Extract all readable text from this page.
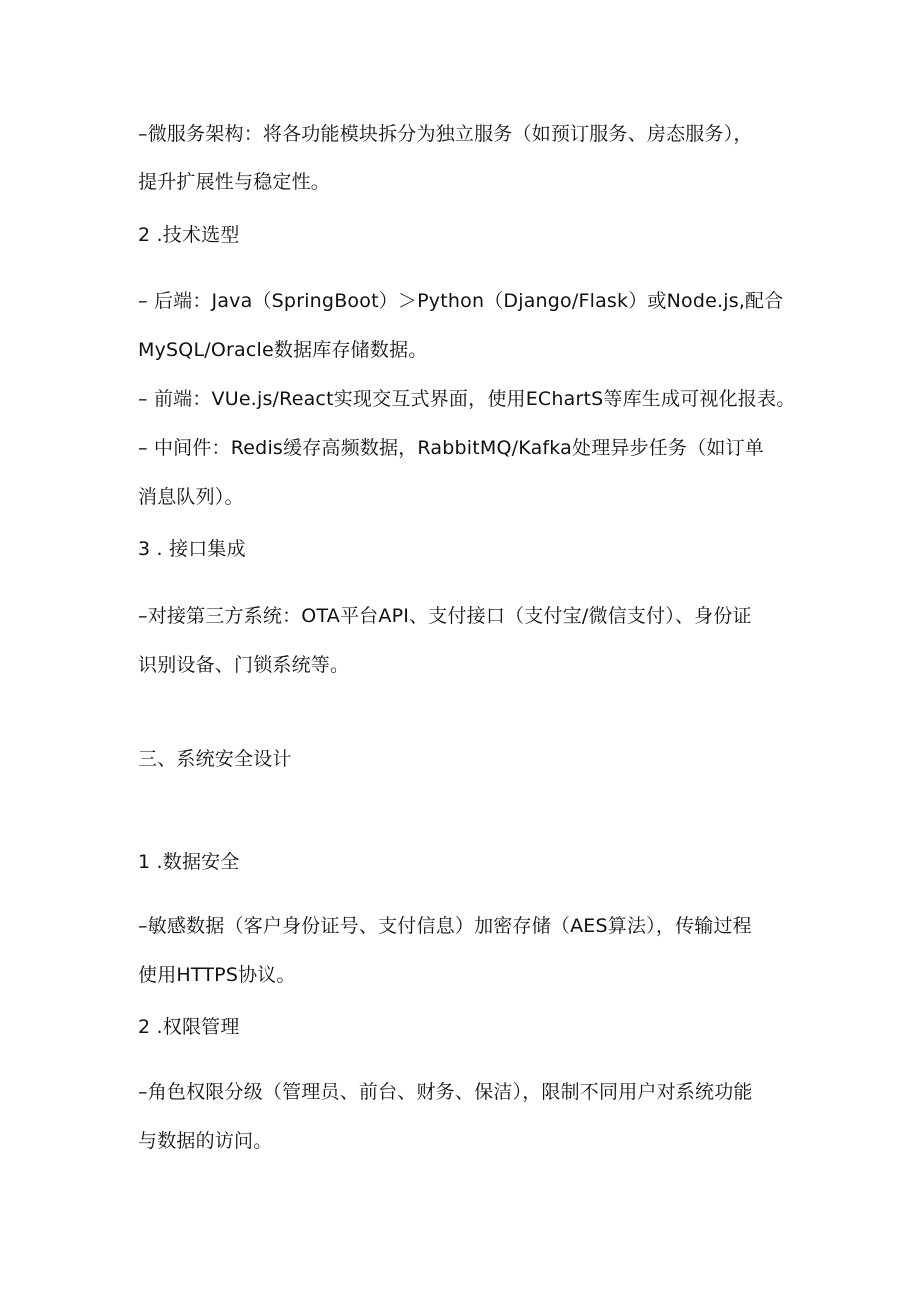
–微服务架构：将各功能模块拆分为独立服务（如预订服务、房态服务），
提升扩展性与稳定性。
2 .技术选型
– 后端：Java（SpringBoot）＞Python（Django/Flask）或Node.js,配合
MySQL/Oracle数据库存储数据。
– 前端：VUe.js/React实现交互式界面，使用EChartS等库生成可视化报表。
– 中间件：Redis缓存高频数据，RabbitMQ/Kafka处理异步任务（如订单
消息队列）。
3 . 接口集成
–对接第三方系统：OTA平台API、支付接口（支付宝/微信支付）、身份证
识别设备、门锁系统等。
三、系统安全设计
1 .数据安全
–敏感数据（客户身份证号、支付信息）加密存储（AES算法），传输过程
使用HTTPS协议。
2 .权限管理
–角色权限分级（管理员、前台、财务、保洁），限制不同用户对系统功能
与数据的访问。
